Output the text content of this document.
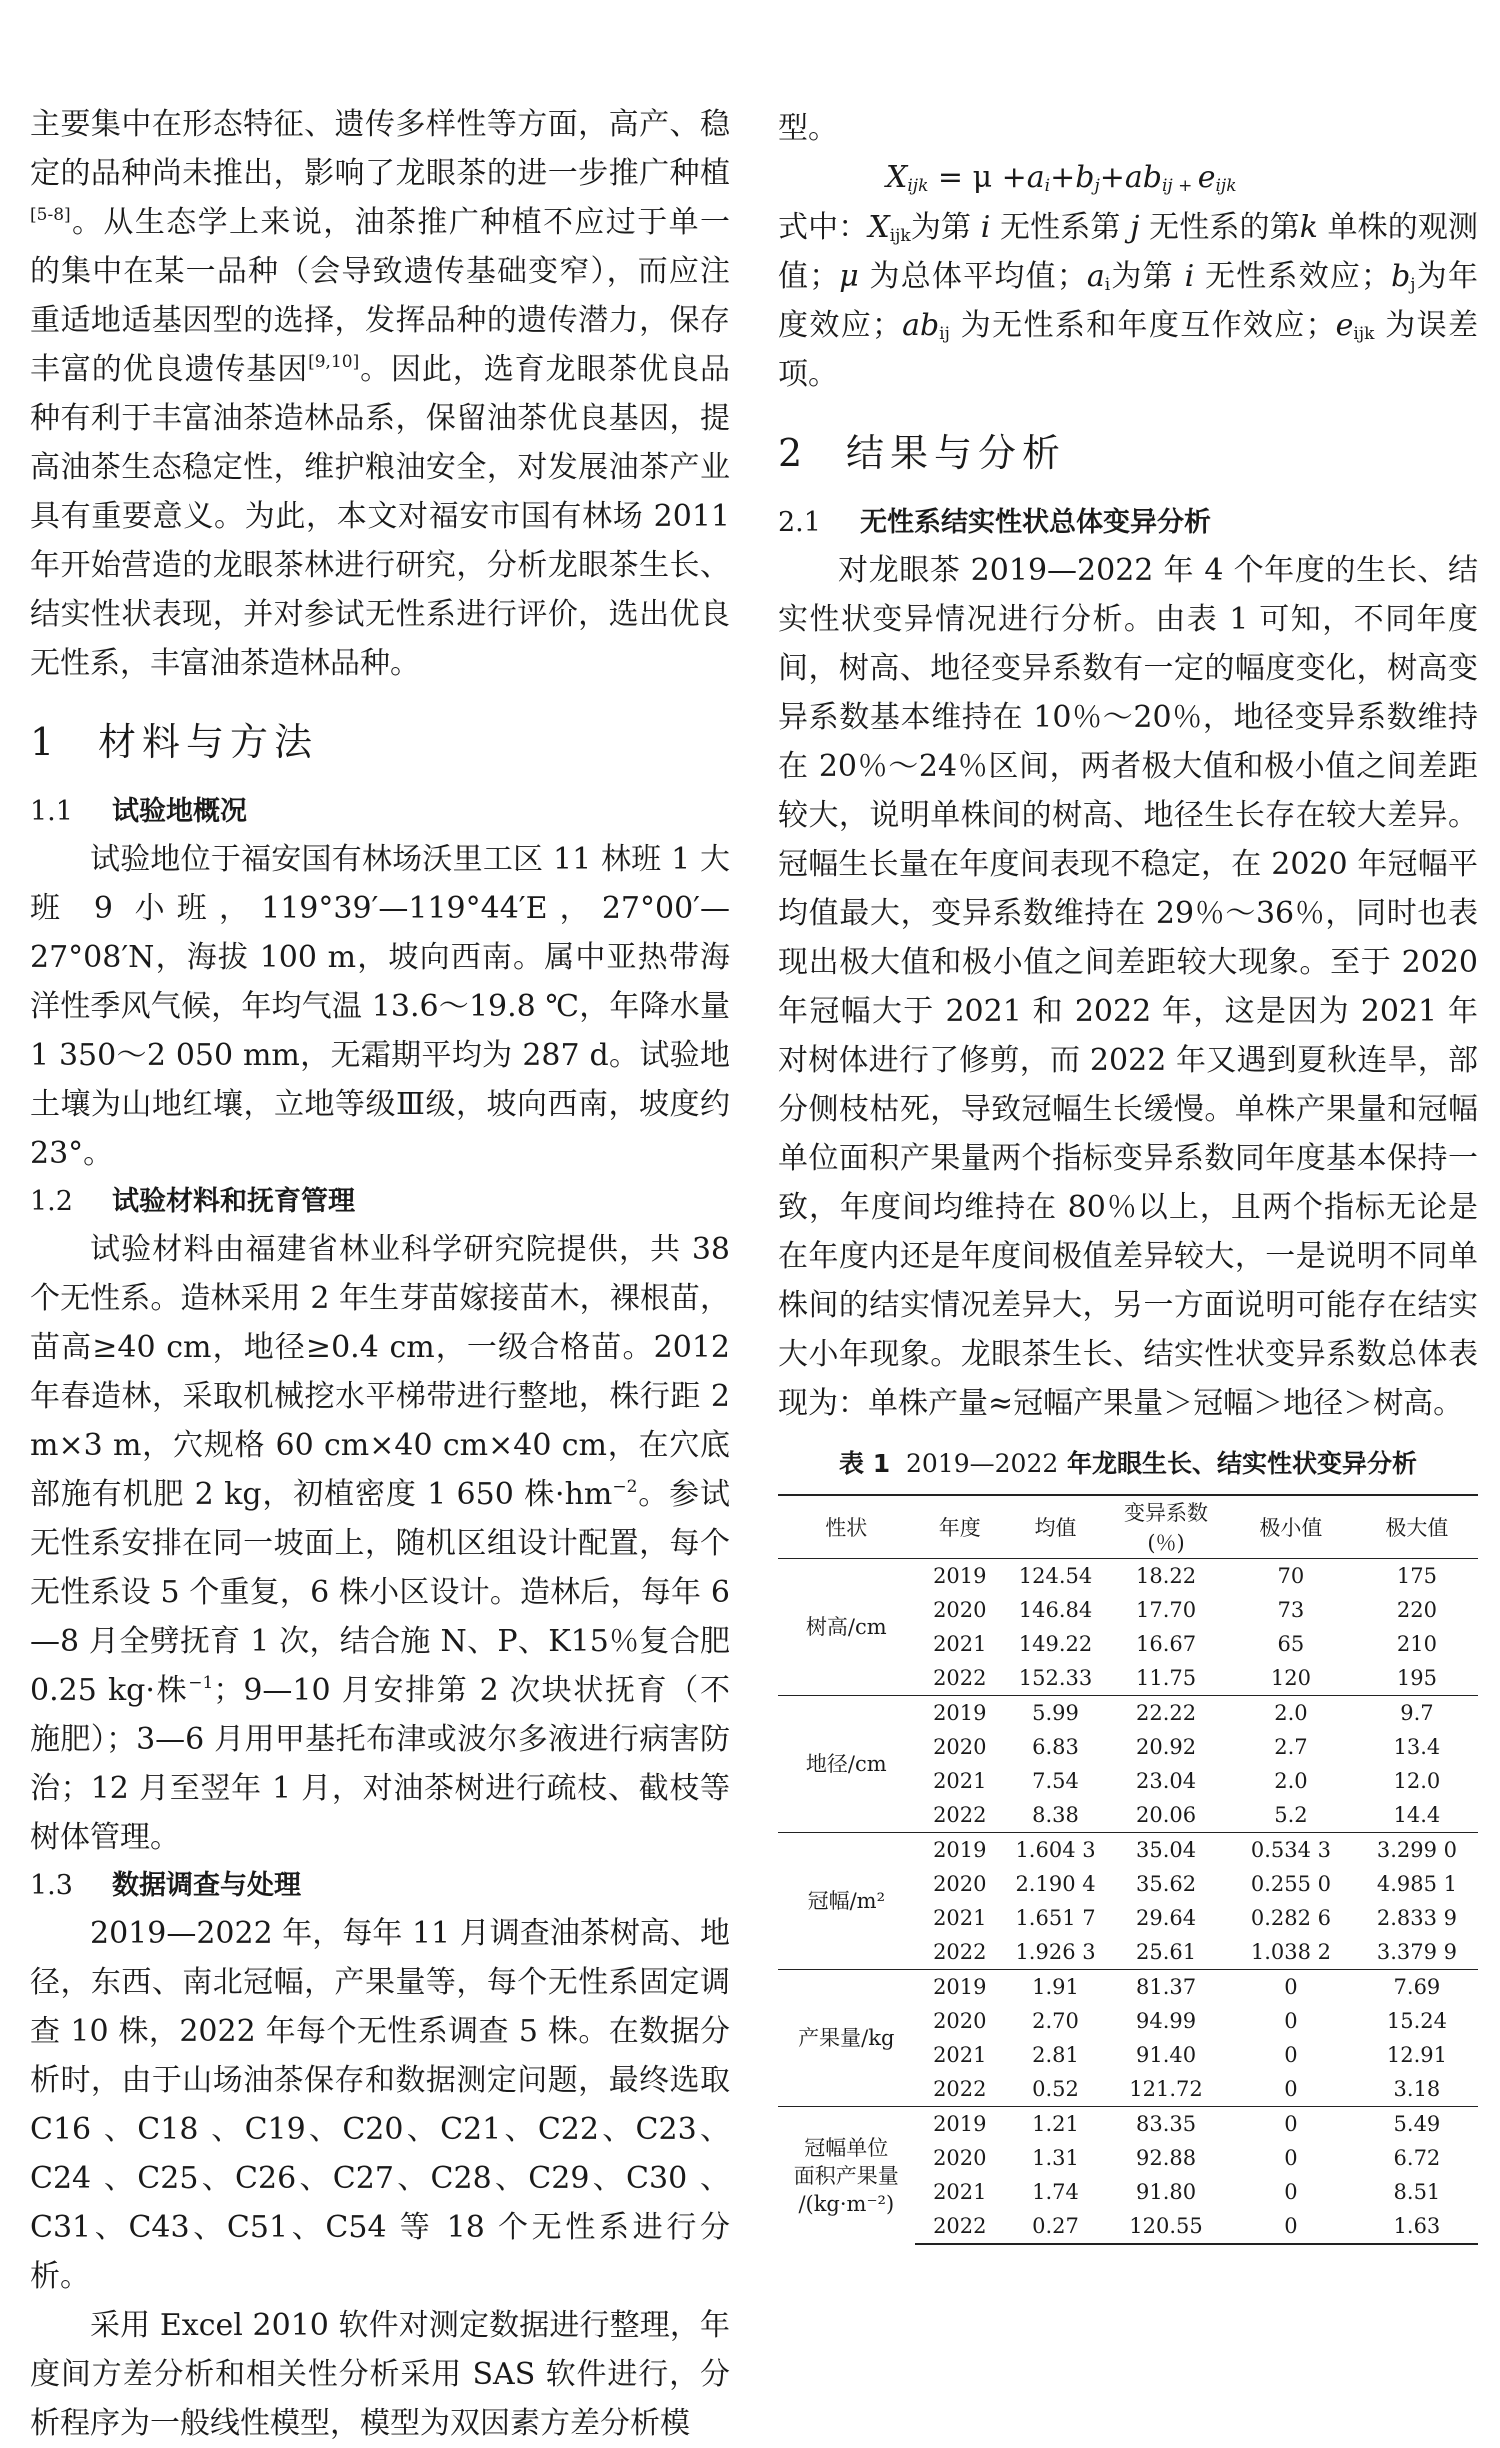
主要集中在形态特征、遗传多样性等方面，高产、稳定的品种尚未推出，影响了龙眼茶的进一步推广种植[5-8]。从生态学上来说，油茶推广种植不应过于单一的集中在某一品种（会导致遗传基础变窄），而应注重适地适基因型的选择，发挥品种的遗传潜力，保存丰富的优良遗传基因[9,10]。因此，选育龙眼茶优良品种有利于丰富油茶造林品系，保留油茶优良基因，提高油茶生态稳定性，维护粮油安全，对发展油茶产业具有重要意义。为此，本文对福安市国有林场 2011 年开始营造的龙眼茶林进行研究，分析龙眼茶生长、结实性状表现，并对参试无性系进行评价，选出优良无性系，丰富油茶造林品种。

1 材料与方法
1.1 试验地概况

试验地位于福安国有林场沃里工区 11 林班 1 大班 9 小班，119°39′—119°44′E，27°00′—27°08′N，海拔 100 m，坡向西南。属中亚热带海洋性季风气候，年均气温 13.6～19.8 ℃，年降水量 1 350～2 050 mm，无霜期平均为 287 d。试验地土壤为山地红壤，立地等级Ⅲ级，坡向西南，坡度约 23°。

1.2 试验材料和抚育管理

试验材料由福建省林业科学研究院提供，共 38 个无性系。造林采用 2 年生芽苗嫁接苗木，裸根苗，苗高≥40 cm，地径≥0.4 cm，一级合格苗。2012 年春造林，采取机械挖水平梯带进行整地，株行距 2 m×3 m，穴规格 60 cm×40 cm×40 cm，在穴底部施有机肥 2 kg，初植密度 1 650 株$\cdot hm^{-2}$。参试无性系安排在同一坡面上，随机区组设计配置，每个无性系设 5 个重复，6 株小区设计。造林后，每年 6—8 月全劈抚育 1 次，结合施 N、P、K15％复合肥 0.25 kg·株$^{-1}$；9—10 月安排第 2 次块状抚育（不施肥）；3—6 月用甲基托布津或波尔多液进行病害防治；12 月至翌年 1 月，对油茶树进行疏枝、截枝等树体管理。

1.3 数据调查与处理

2019—2022 年，每年 11 月调查油茶树高、地径，东西、南北冠幅，产果量等，每个无性系固定调查 10 株，2022 年每个无性系调查 5 株。在数据分析时，由于山场油茶保存和数据测定问题，最终选取 C16 、C18 、C19、C20、C21、C22、C23、C24 、C25、C26、C27、C28、C29、C30 、C31、C43、C51、C54 等 18 个无性系进行分析。

采用 Excel 2010 软件对测定数据进行整理，年度间方差分析和相关性分析采用 SAS 软件进行，分析程序为一般线性模型，模型为双因素方差分析模

型。

$X_{ijk} = \mu +a_i+b_j+ab_{ij +}$ $e_{ijk}$

式中：$X_{ijk}$为第 i 无性系第 j 无性系的第k 单株的观测值；μ 为总体平均值；$a_i$为第 i 无性系效应；$b_j$为年度效应；$ab_{ij}$ 为无性系和年度互作效应；$e_{ijk}$ 为误差项。

2 结果与分析
2.1 无性系结实性状总体变异分析

对龙眼茶 2019—2022 年 4 个年度的生长、结实性状变异情况进行分析。由表 1 可知，不同年度间，树高、地径变异系数有一定的幅度变化，树高变异系数基本维持在 10％～20％，地径变异系数维持在 20％～24％区间，两者极大值和极小值之间差距较大，说明单株间的树高、地径生长存在较大差异。冠幅生长量在年度间表现不稳定，在 2020 年冠幅平均值最大，变异系数维持在 29％～36％，同时也表现出极大值和极小值之间差距较大现象。至于 2020 年冠幅大于 2021 和 2022 年，这是因为 2021 年对树体进行了修剪，而 2022 年又遇到夏秋连旱，部分侧枝枯死，导致冠幅生长缓慢。单株产果量和冠幅单位面积产果量两个指标变异系数同年度基本保持一致，年度间均维持在 80％以上，且两个指标无论是在年度内还是年度间极值差异较大，一是说明不同单株间的结实情况差异大，另一方面说明可能存在结实大小年现象。龙眼茶生长、结实性状变异系数总体表现为：单株产量≈冠幅产果量＞冠幅＞地径＞树高。

表 1 2019—2022 年龙眼生长、结实性状变异分析
性状	年度	均值	变异系数(％)	极小值	极大值
树高/cm	2019	124.54	18.22	70	175
	2020	146.84	17.70	73	220
	2021	149.22	16.67	65	210
	2022	152.33	11.75	120	195
地径/cm	2019	5.99	22.22	2.0	9.7
	2020	6.83	20.92	2.7	13.4
	2021	7.54	23.04	2.0	12.0
	2022	8.38	20.06	5.2	14.4
冠幅/m²	2019	1.604 3	35.04	0.534 3	3.299 0
	2020	2.190 4	35.62	0.255 0	4.985 1
	2021	1.651 7	29.64	0.282 6	2.833 9
	2022	1.926 3	25.61	1.038 2	3.379 9
产果量/kg	2019	1.91	81.37	0	7.69
	2020	2.70	94.99	0	15.24
	2021	2.81	91.40	0	12.91
	2022	0.52	121.72	0	3.18

冠幅单位
面积产果量
/(kg·m⁻²)	2019	1.21	83.35	0	5.49
	2020	1.31	92.88	0	6.72
	2021	1.74	91.80	0	8.51
	2022	0.27	120.55	0	1.63
